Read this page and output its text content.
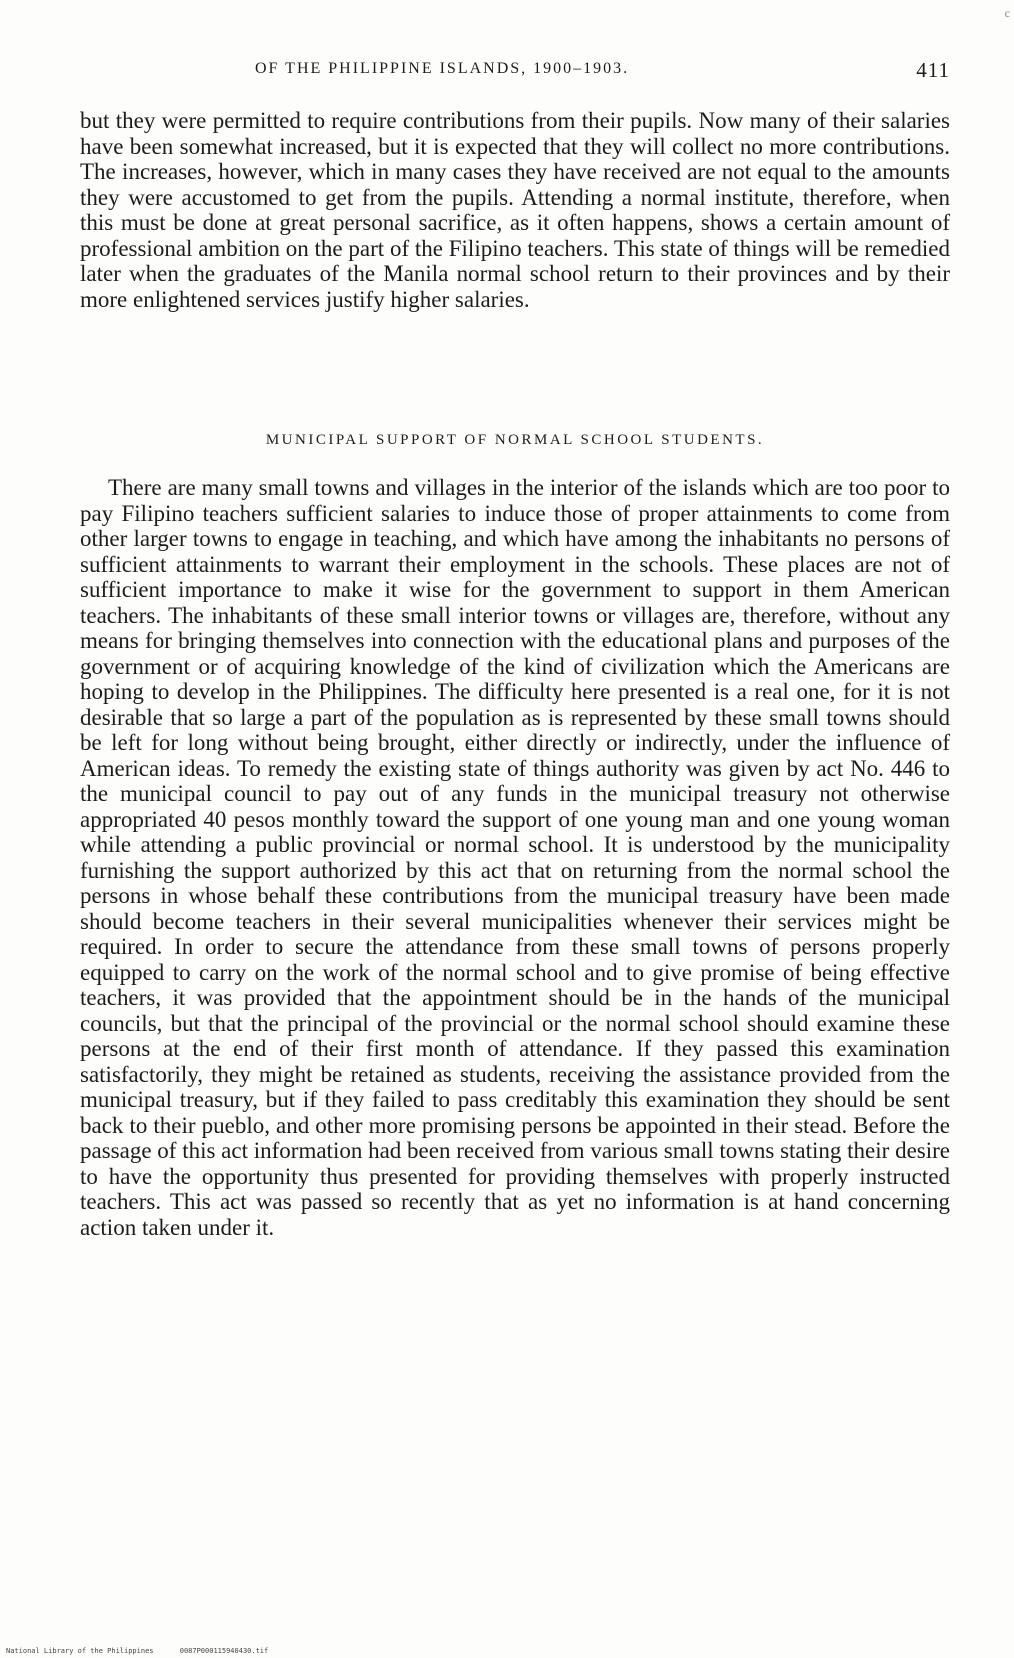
c
OF THE PHILIPPINE ISLANDS, 1900–1903.	411

but they were permitted to require contributions from their pupils. Now many of their salaries have been somewhat increased, but it is expected that they will collect no more contributions. The increases, however, which in many cases they have received are not equal to the amounts they were accustomed to get from the pupils. Attending a normal institute, therefore, when this must be done at great personal sacrifice, as it often happens, shows a certain amount of professional ambition on the part of the Filipino teachers. This state of things will be remedied later when the graduates of the Manila normal school return to their provinces and by their more enlightened services justify higher salaries.

MUNICIPAL SUPPORT OF NORMAL SCHOOL STUDENTS.

There are many small towns and villages in the interior of the islands which are too poor to pay Filipino teachers sufficient salaries to induce those of proper attainments to come from other larger towns to engage in teaching, and which have among the inhabitants no persons of sufficient attainments to warrant their employment in the schools. These places are not of sufficient importance to make it wise for the government to support in them American teachers. The inhabitants of these small interior towns or villages are, therefore, without any means for bringing themselves into connection with the educational plans and purposes of the government or of acquiring knowledge of the kind of civilization which the Americans are hoping to develop in the Philippines. The difficulty here presented is a real one, for it is not desirable that so large a part of the population as is represented by these small towns should be left for long without being brought, either directly or indirectly, under the influence of American ideas. To remedy the existing state of things authority was given by act No. 446 to the municipal council to pay out of any funds in the municipal treasury not otherwise appropriated 40 pesos monthly toward the support of one young man and one young woman while attending a public provincial or normal school. It is understood by the municipality furnishing the support authorized by this act that on returning from the normal school the persons in whose behalf these contributions from the municipal treasury have been made should become teachers in their several municipalities whenever their services might be required. In order to secure the attendance from these small towns of persons properly equipped to carry on the work of the normal school and to give promise of being effective teachers, it was provided that the appointment should be in the hands of the municipal councils, but that the principal of the provincial or the normal school should examine these persons at the end of their first month of attendance. If they passed this examination satisfactorily, they might be retained as students, receiving the assistance provided from the municipal treasury, but if they failed to pass creditably this examination they should be sent back to their pueblo, and other more promising persons be appointed in their stead. Before the passage of this act information had been received from various small towns stating their desire to have the opportunity thus presented for providing themselves with properly instructed teachers. This act was passed so recently that as yet no information is at hand concerning action taken under it.

National Library of the Philippines	0087P000115940430.tif
